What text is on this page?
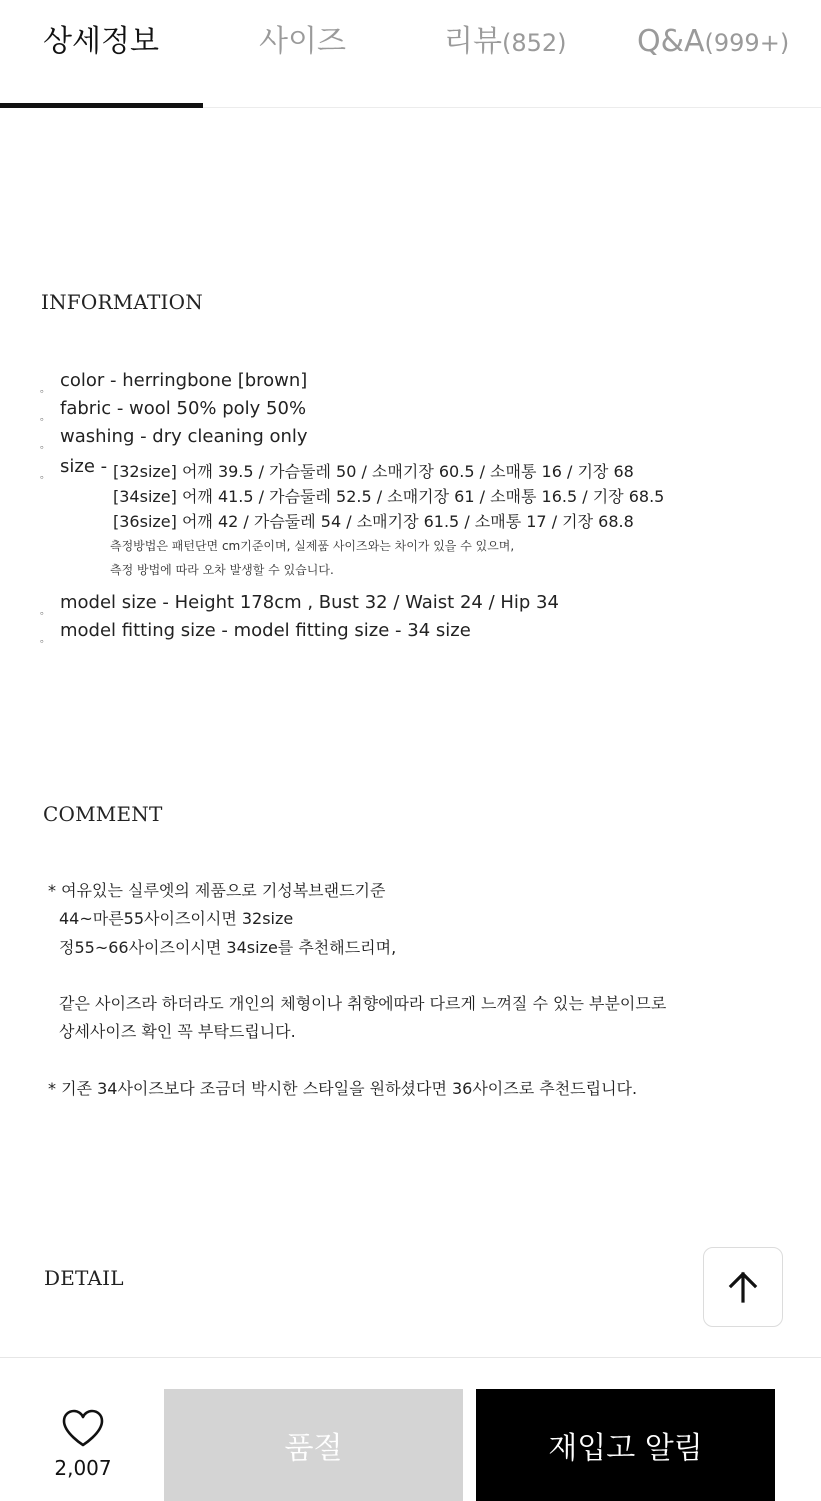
상세정보	사이즈	리뷰(852) Q&A(999+)
INFORMATION
。 color - herringbone [brown]
。 fabric - wool 50% poly 50%
。 washing - dry cleaning only
。 size - [32size] 어깨 39.5 / 가슴둘레 50 / 소매기장 60.5 / 소매통 16 / 기장 68
[34size] 어깨 41.5 / 가슴둘레 52.5 / 소매기장 61 / 소매통 16.5 / 기장 68.5
[36size] 어깨 42 / 가슴둘레 54 / 소매기장 61.5 / 소매통 17 / 기장 68.8
측정방법은 패턴단면 cm기준이며, 실제품 사이즈와는 차이가 있을 수 있으며,
측정 방법에 따라 오차 발생할 수 있습니다.
。 model size - Height 178cm , Bust 32 / Waist 24 / Hip 34
。 model fitting size - model fitting size - 34 size
COMMENT
* 여유있는 실루엣의 제품으로 기성복브랜드기준
44~마른55사이즈이시면 32size
정55~66사이즈이시면 34size를 추천해드리며,
같은 사이즈라 하더라도 개인의 체형이나 취향에따라 다르게 느껴질 수 있는 부분이므로
상세사이즈 확인 꼭 부탁드립니다.
* 기존 34사이즈보다 조금더 박시한 스타일을 원하셨다면 36사이즈로 추천드립니다.
DETAIL
2,007
품절	재입고 알림
